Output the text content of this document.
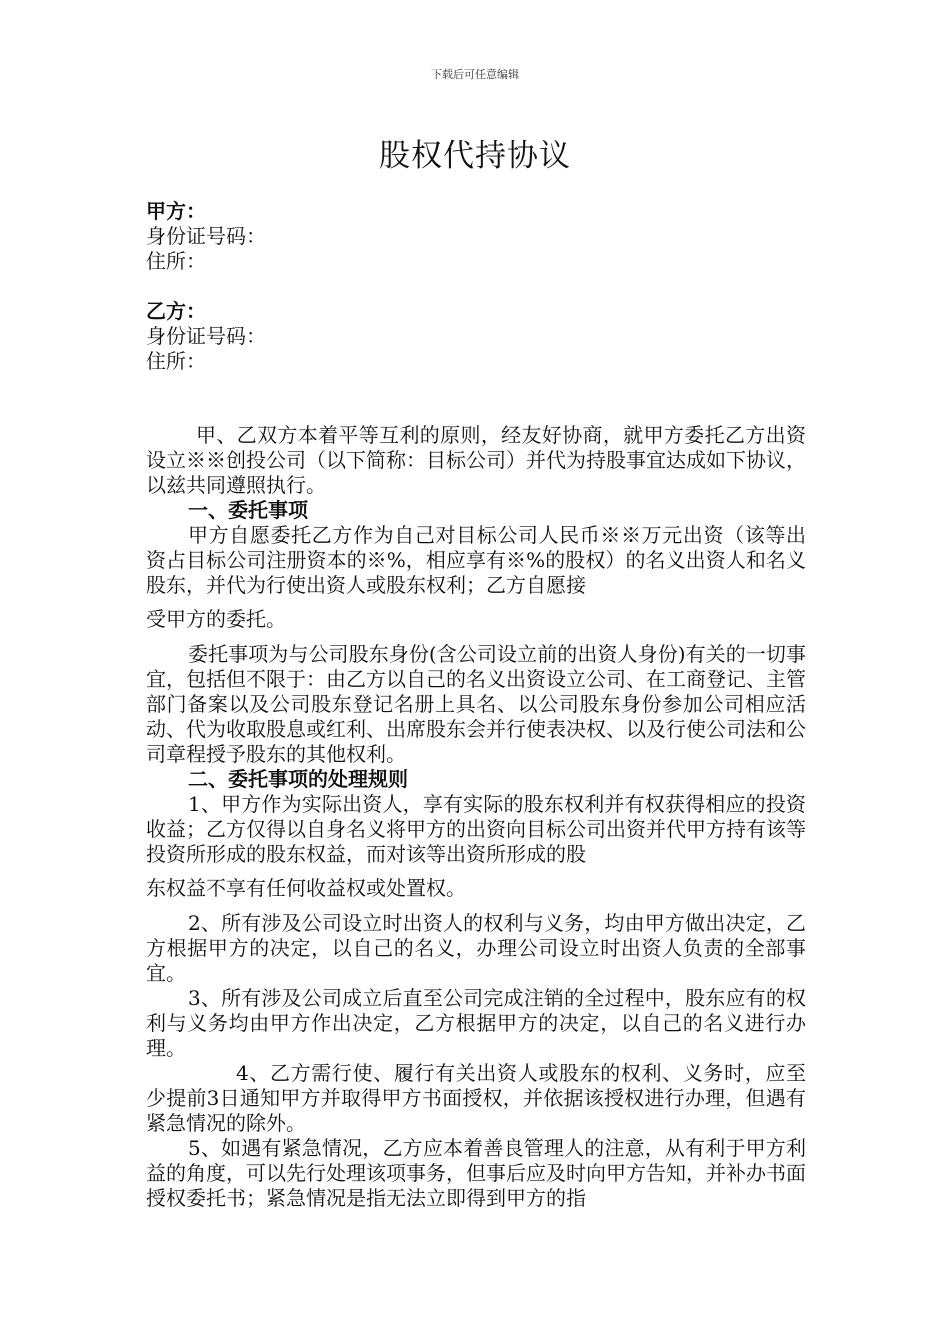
下载后可任意编辑
股权代持协议
甲方：
身份证号码：
住所：
乙方：
身份证号码：
住所：

甲、乙双方本着平等互利的原则，经友好协商，就甲方委托乙方出资设立※※创投公司（以下简称：目标公司）并代为持股事宜达成如下协议，以兹共同遵照执行。

一、委托事项

甲方自愿委托乙方作为自己对目标公司人民币※※万元出资（该等出资占目标公司注册资本的※%，相应享有※%的股权）的名义出资人和名义股东，并代为行使出资人或股东权利；乙方自愿接

受甲方的委托。

委托事项为与公司股东身份(含公司设立前的出资人身份)有关的一切事宜，包括但不限于：由乙方以自己的名义出资设立公司、在工商登记、主管部门备案以及公司股东登记名册上具名、以公司股东身份参加公司相应活动、代为收取股息或红利、出席股东会并行使表决权、以及行使公司法和公司章程授予股东的其他权利。

二、委托事项的处理规则

1、甲方作为实际出资人，享有实际的股东权利并有权获得相应的投资收益；乙方仅得以自身名义将甲方的出资向目标公司出资并代甲方持有该等投资所形成的股东权益，而对该等出资所形成的股

东权益不享有任何收益权或处置权。

2、所有涉及公司设立时出资人的权利与义务，均由甲方做出决定，乙方根据甲方的决定，以自己的名义，办理公司设立时出资人负责的全部事宜。

3、所有涉及公司成立后直至公司完成注销的全过程中，股东应有的权利与义务均由甲方作出决定，乙方根据甲方的决定，以自己的名义进行办理。

4、乙方需行使、履行有关出资人或股东的权利、义务时，应至少提前3日通知甲方并取得甲方书面授权，并依据该授权进行办理，但遇有紧急情况的除外。

5、如遇有紧急情况，乙方应本着善良管理人的注意，从有利于甲方利益的角度，可以先行处理该项事务，但事后应及时向甲方告知，并补办书面授权委托书；紧急情况是指无法立即得到甲方的指
